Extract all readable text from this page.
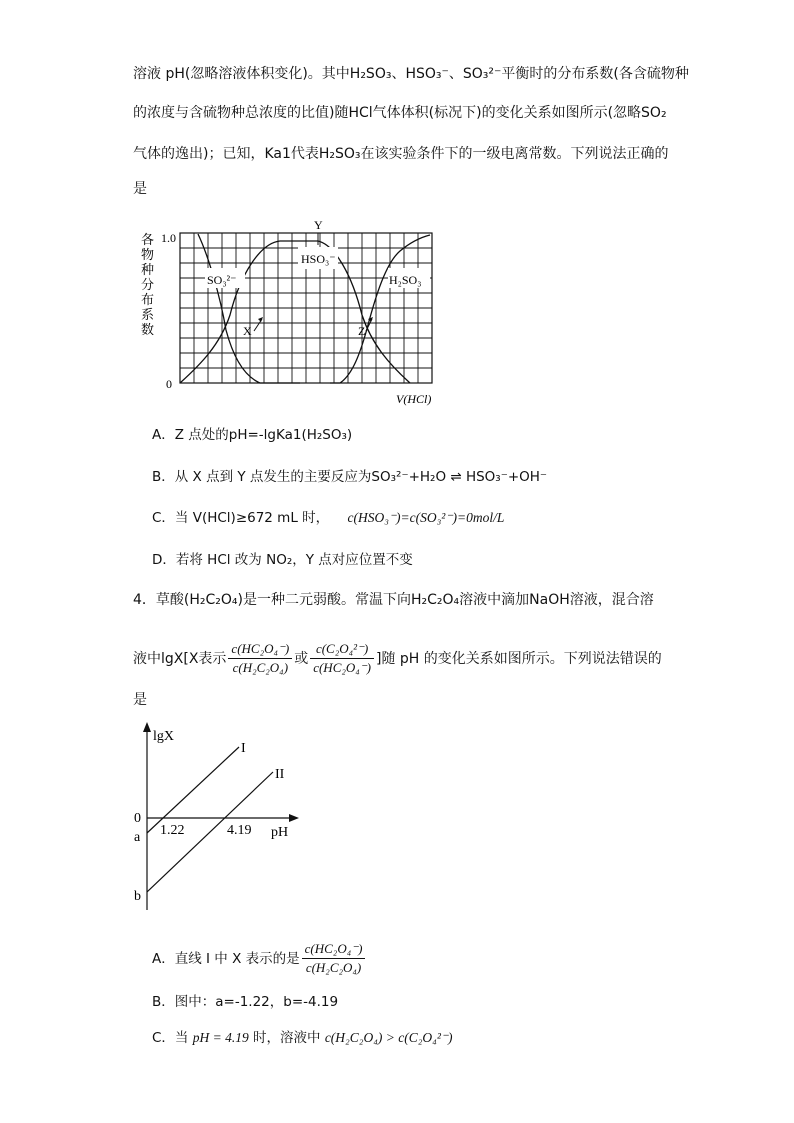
溶液 pH(忽略溶液体积变化)。其中H₂SO₃、HSO₃⁻、SO₃²⁻平衡时的分布系数(各含硫物种
的浓度与含硫物种总浓度的比值)随HCl气体体积(标况下)的变化关系如图所示(忽略SO₂
气体的逸出)；已知，Ka1代表H₂SO₃在该实验条件下的一级电离常数。下列说法正确的
是
各
物
种
分
布
系
数
1.0
0
SO₃²⁻
HSO₃⁻
H₂SO₃
X
Y
Z
V(HCl)
A．Z 点处的pH=-lgKa1(H₂SO₃)
B．从 X 点到 Y 点发生的主要反应为SO₃²⁻+H₂O ⇌ HSO₃⁻+OH⁻
C．当 V(HCl)≥672 mL 时， c(HSO₃⁻)=c(SO₃²⁻)=0mol/L
D．若将 HCl 改为 NO₂，Y 点对应位置不变
4．草酸(H₂C₂O₄)是一种二元弱酸。常温下向H₂C₂O₄溶液中滴加NaOH溶液，混合溶
液中lgX[X表示 $\frac{\text{c(HC₂O₄⁻)}}{\text{c(H₂C₂O₄)}}$ 或 $\frac{\text{c(C₂O₄²⁻)}}{\text{c(HC₂O₄⁻)}}$ ]随 pH 的变化关系如图所示。下列说法错误的
是
lgX
I
II
0
1.22	4.19 pH
a
b
A．直线 I 中 X 表示的是 $\frac{\text{c(HC₂O₄⁻)}}{\text{c(H₂C₂O₄)}}$
B．图中：a=-1.22，b=-4.19
C．当 pH = 4.19 时，溶液中 c(H₂C₂O₄) > c(C₂O₄²⁻)
